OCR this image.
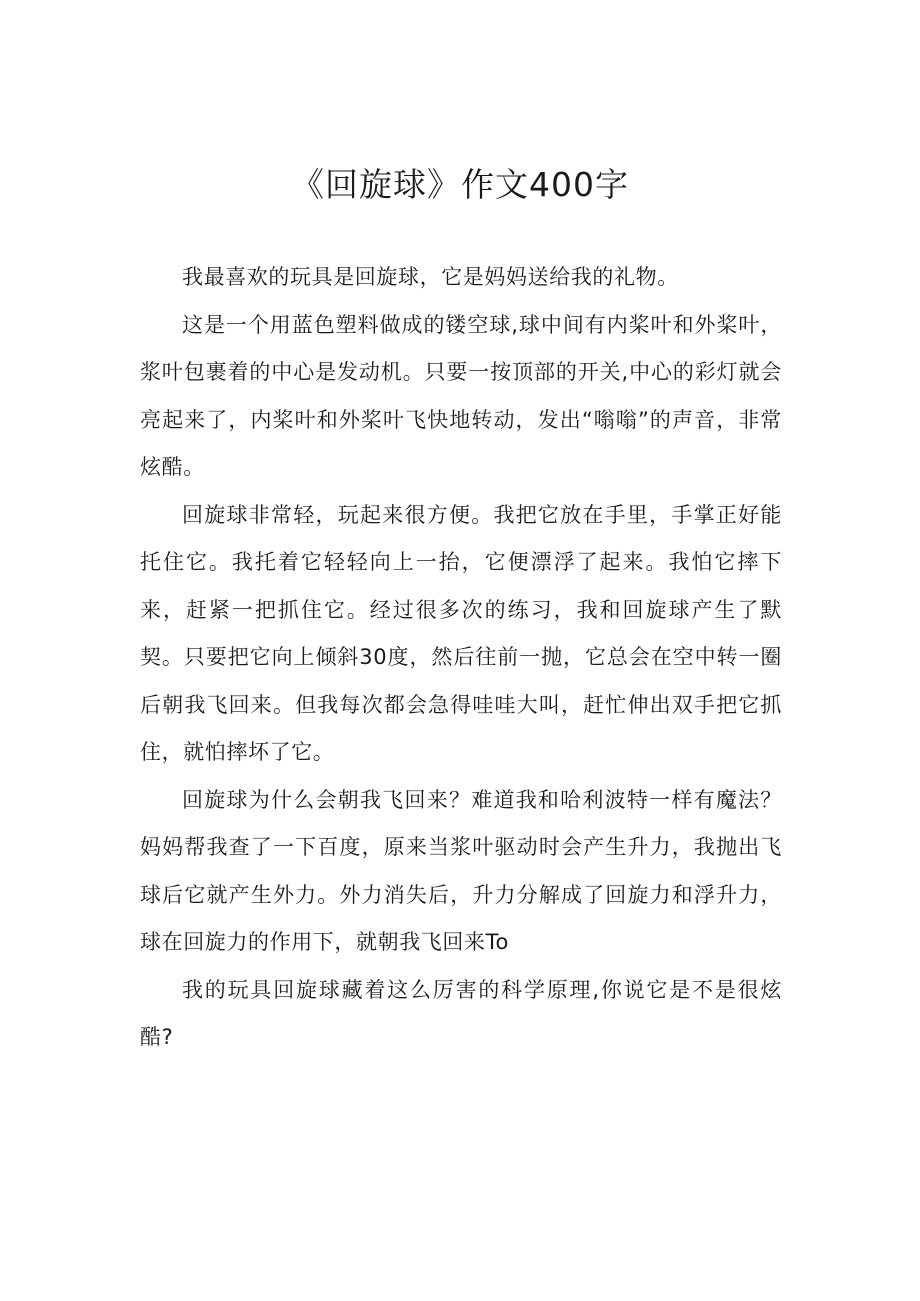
《回旋球》作文400字

我最喜欢的玩具是回旋球，它是妈妈送给我的礼物。

这是一个用蓝色塑料做成的镂空球,球中间有内桨叶和外桨叶，浆叶包裹着的中心是发动机。只要一按顶部的开关,中心的彩灯就会亮起来了，内桨叶和外桨叶飞快地转动，发出“嗡嗡”的声音，非常炫酷。

回旋球非常轻，玩起来很方便。我把它放在手里，手掌正好能托住它。我托着它轻轻向上一抬，它便漂浮了起来。我怕它摔下来，赶紧一把抓住它。经过很多次的练习，我和回旋球产生了默契。只要把它向上倾斜30度，然后往前一抛，它总会在空中转一圈后朝我飞回来。但我每次都会急得哇哇大叫，赶忙伸出双手把它抓住，就怕摔坏了它。

回旋球为什么会朝我飞回来？难道我和哈利波特一样有魔法？妈妈帮我查了一下百度，原来当浆叶驱动时会产生升力，我抛出飞球后它就产生外力。外力消失后，升力分解成了回旋力和浮升力，球在回旋力的作用下，就朝我飞回来To

我的玩具回旋球藏着这么厉害的科学原理,你说它是不是很炫酷?
